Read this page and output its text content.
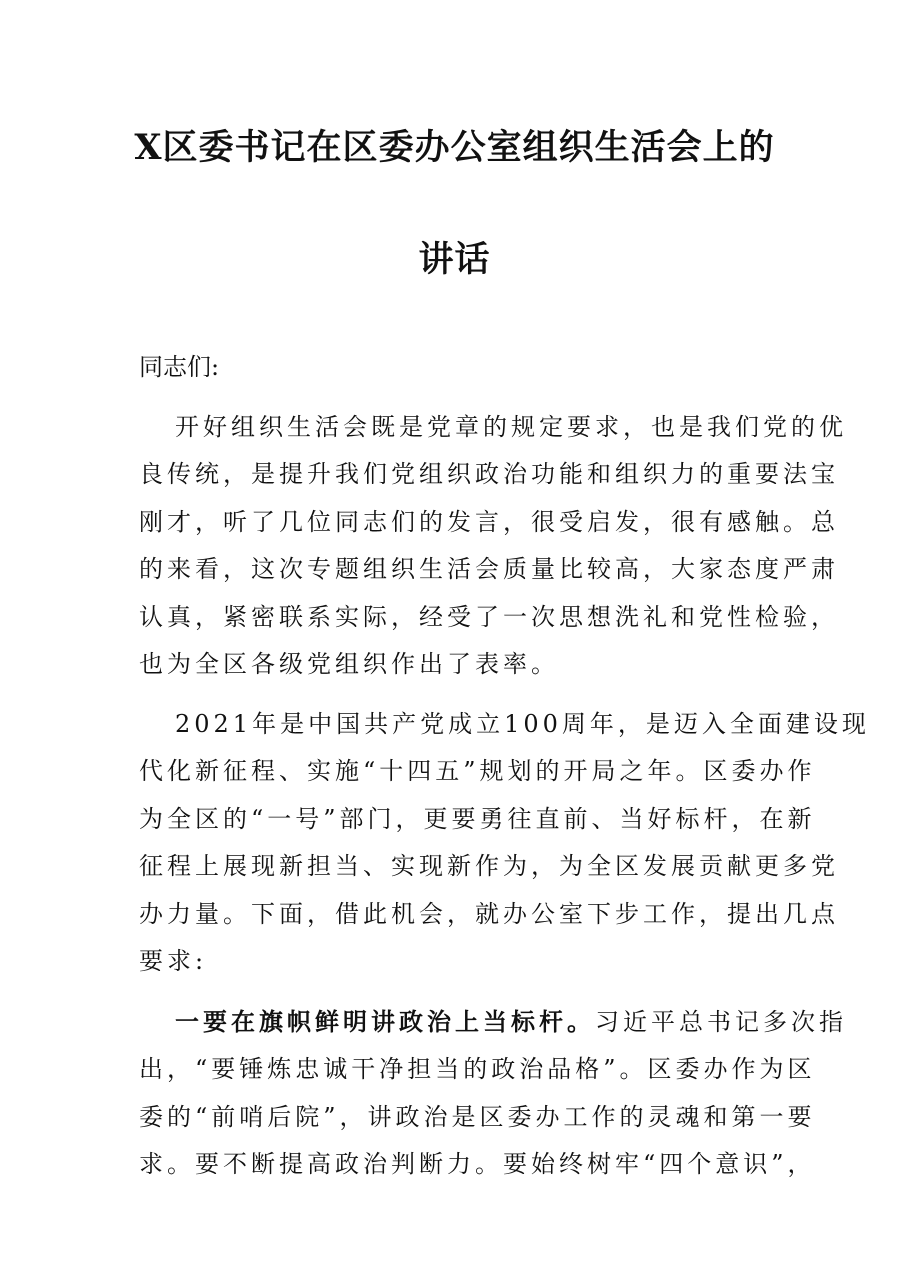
X区委书记在区委办公室组织生活会上的
讲话
同志们:
开好组织生活会既是党章的规定要求，也是我们党的优
良传统，是提升我们党组织政治功能和组织力的重要法宝
刚才，听了几位同志们的发言，很受启发，很有感触。总
的来看，这次专题组织生活会质量比较高，大家态度严肃
认真，紧密联系实际，经受了一次思想洗礼和党性检验，
也为全区各级党组织作出了表率。
2021年是中国共产党成立100周年，是迈入全面建设现
代化新征程、实施“十四五”规划的开局之年。区委办作
为全区的“一号”部门，更要勇往直前、当好标杆，在新
征程上展现新担当、实现新作为，为全区发展贡献更多党
办力量。下面，借此机会，就办公室下步工作，提出几点
要求:
一要在旗帜鲜明讲政治上当标杆。习近平总书记多次指
出，“要锤炼忠诚干净担当的政治品格”。区委办作为区
委的“前哨后院”，讲政治是区委办工作的灵魂和第一要
求。要不断提高政治判断力。要始终树牢“四个意识”，
